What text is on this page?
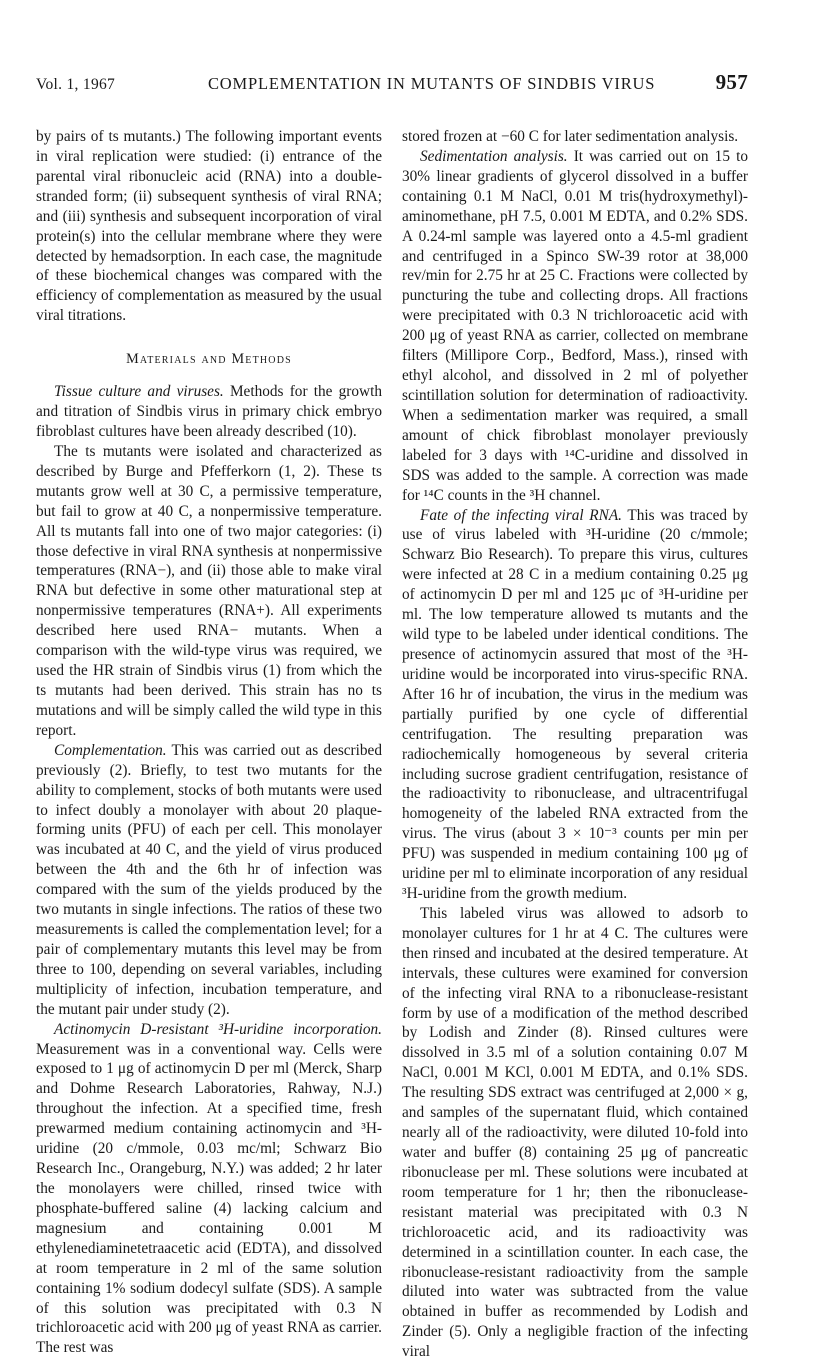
Vol. 1, 1967	COMPLEMENTATION IN MUTANTS OF SINDBIS VIRUS	957

by pairs of ts mutants.) The following important events in viral replication were studied: (i) entrance of the parental viral ribonucleic acid (RNA) into a double-stranded form; (ii) subsequent synthesis of viral RNA; and (iii) synthesis and subsequent incorporation of viral protein(s) into the cellular membrane where they were detected by hemadsorption. In each case, the magnitude of these biochemical changes was compared with the efficiency of complementation as measured by the usual viral titrations.

Materials and Methods

Tissue culture and viruses. Methods for the growth and titration of Sindbis virus in primary chick embryo fibroblast cultures have been already described (10).

The ts mutants were isolated and characterized as described by Burge and Pfefferkorn (1, 2). These ts mutants grow well at 30 C, a permissive temperature, but fail to grow at 40 C, a nonpermissive temperature. All ts mutants fall into one of two major categories: (i) those defective in viral RNA synthesis at nonpermissive temperatures (RNA−), and (ii) those able to make viral RNA but defective in some other maturational step at nonpermissive temperatures (RNA+). All experiments described here used RNA− mutants. When a comparison with the wild-type virus was required, we used the HR strain of Sindbis virus (1) from which the ts mutants had been derived. This strain has no ts mutations and will be simply called the wild type in this report.

Complementation. This was carried out as described previously (2). Briefly, to test two mutants for the ability to complement, stocks of both mutants were used to infect doubly a monolayer with about 20 plaque-forming units (PFU) of each per cell. This monolayer was incubated at 40 C, and the yield of virus produced between the 4th and the 6th hr of infection was compared with the sum of the yields produced by the two mutants in single infections. The ratios of these two measurements is called the complementation level; for a pair of complementary mutants this level may be from three to 100, depending on several variables, including multiplicity of infection, incubation temperature, and the mutant pair under study (2).

Actinomycin D-resistant ³H-uridine incorporation. Measurement was in a conventional way. Cells were exposed to 1 μg of actinomycin D per ml (Merck, Sharp and Dohme Research Laboratories, Rahway, N.J.) throughout the infection. At a specified time, fresh prewarmed medium containing actinomycin and ³H-uridine (20 c/mmole, 0.03 mc/ml; Schwarz Bio Research Inc., Orangeburg, N.Y.) was added; 2 hr later the monolayers were chilled, rinsed twice with phosphate-buffered saline (4) lacking calcium and magnesium and containing 0.001 M ethylenediaminetetraacetic acid (EDTA), and dissolved at room temperature in 2 ml of the same solution containing 1% sodium dodecyl sulfate (SDS). A sample of this solution was precipitated with 0.3 N trichloroacetic acid with 200 μg of yeast RNA as carrier. The rest was

stored frozen at −60 C for later sedimentation analysis.

Sedimentation analysis. It was carried out on 15 to 30% linear gradients of glycerol dissolved in a buffer containing 0.1 M NaCl, 0.01 M tris(hydroxymethyl)-aminomethane, pH 7.5, 0.001 M EDTA, and 0.2% SDS. A 0.24-ml sample was layered onto a 4.5-ml gradient and centrifuged in a Spinco SW-39 rotor at 38,000 rev/min for 2.75 hr at 25 C. Fractions were collected by puncturing the tube and collecting drops. All fractions were precipitated with 0.3 N trichloroacetic acid with 200 μg of yeast RNA as carrier, collected on membrane filters (Millipore Corp., Bedford, Mass.), rinsed with ethyl alcohol, and dissolved in 2 ml of polyether scintillation solution for determination of radioactivity. When a sedimentation marker was required, a small amount of chick fibroblast monolayer previously labeled for 3 days with ¹⁴C-uridine and dissolved in SDS was added to the sample. A correction was made for ¹⁴C counts in the ³H channel.

Fate of the infecting viral RNA. This was traced by use of virus labeled with ³H-uridine (20 c/mmole; Schwarz Bio Research). To prepare this virus, cultures were infected at 28 C in a medium containing 0.25 μg of actinomycin D per ml and 125 μc of ³H-uridine per ml. The low temperature allowed ts mutants and the wild type to be labeled under identical conditions. The presence of actinomycin assured that most of the ³H-uridine would be incorporated into virus-specific RNA. After 16 hr of incubation, the virus in the medium was partially purified by one cycle of differential centrifugation. The resulting preparation was radiochemically homogeneous by several criteria including sucrose gradient centrifugation, resistance of the radioactivity to ribonuclease, and ultracentrifugal homogeneity of the labeled RNA extracted from the virus. The virus (about 3 × 10⁻³ counts per min per PFU) was suspended in medium containing 100 μg of uridine per ml to eliminate incorporation of any residual ³H-uridine from the growth medium.

This labeled virus was allowed to adsorb to monolayer cultures for 1 hr at 4 C. The cultures were then rinsed and incubated at the desired temperature. At intervals, these cultures were examined for conversion of the infecting viral RNA to a ribonuclease-resistant form by use of a modification of the method described by Lodish and Zinder (8). Rinsed cultures were dissolved in 3.5 ml of a solution containing 0.07 M NaCl, 0.001 M KCl, 0.001 M EDTA, and 0.1% SDS. The resulting SDS extract was centrifuged at 2,000 × g, and samples of the supernatant fluid, which contained nearly all of the radioactivity, were diluted 10-fold into water and buffer (8) containing 25 μg of pancreatic ribonuclease per ml. These solutions were incubated at room temperature for 1 hr; then the ribonuclease-resistant material was precipitated with 0.3 N trichloroacetic acid, and its radioactivity was determined in a scintillation counter. In each case, the ribonuclease-resistant radioactivity from the sample diluted into water was subtracted from the value obtained in buffer as recommended by Lodish and Zinder (5). Only a negligible fraction of the infecting viral
